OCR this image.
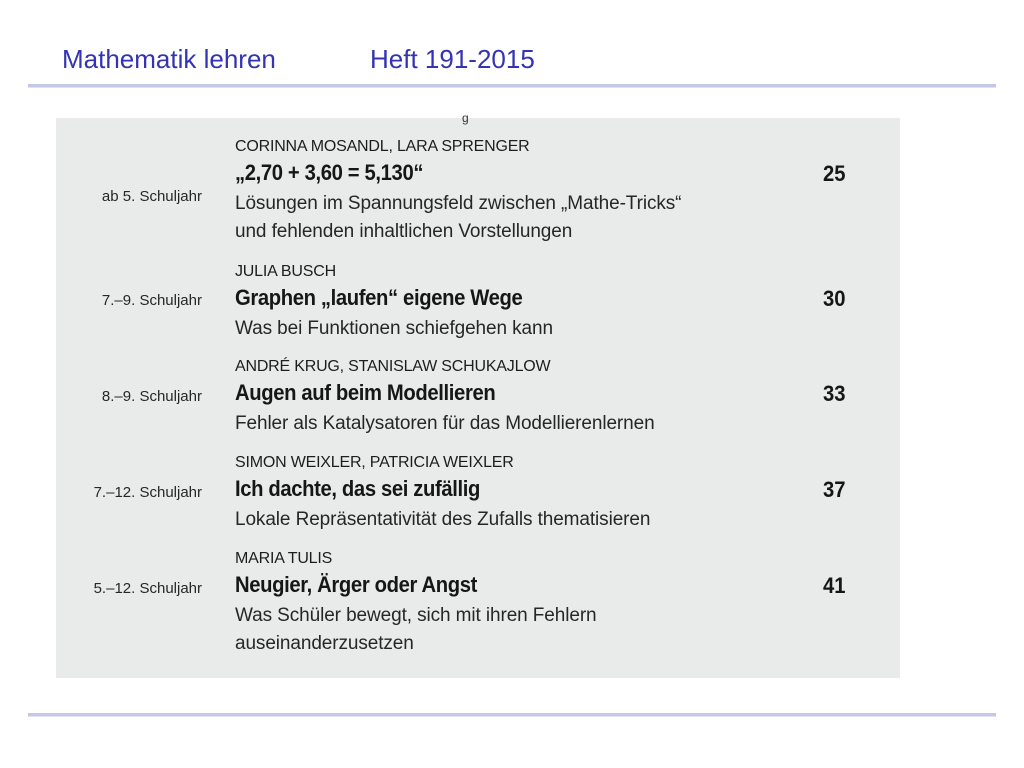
Mathematik lehren	Heft 191-2015
g
ab 5. Schuljahr
CORINNA MOSANDL, LARA SPRENGER
„2,70 + 3,60 = 5,130“
Lösungen im Spannungsfeld zwischen „Mathe-Tricks“
und fehlenden inhaltlichen Vorstellungen
25
7.–9. Schuljahr
JULIA BUSCH
Graphen „laufen“ eigene Wege
Was bei Funktionen schiefgehen kann
30
8.–9. Schuljahr
ANDRÉ KRUG, STANISLAW SCHUKAJLOW
Augen auf beim Modellieren
Fehler als Katalysatoren für das Modellierenlernen
33
7.–12. Schuljahr
SIMON WEIXLER, PATRICIA WEIXLER
Ich dachte, das sei zufällig
Lokale Repräsentativität des Zufalls thematisieren
37
5.–12. Schuljahr
MARIA TULIS
Neugier, Ärger oder Angst
Was Schüler bewegt, sich mit ihren Fehlern
auseinanderzusetzen
41
